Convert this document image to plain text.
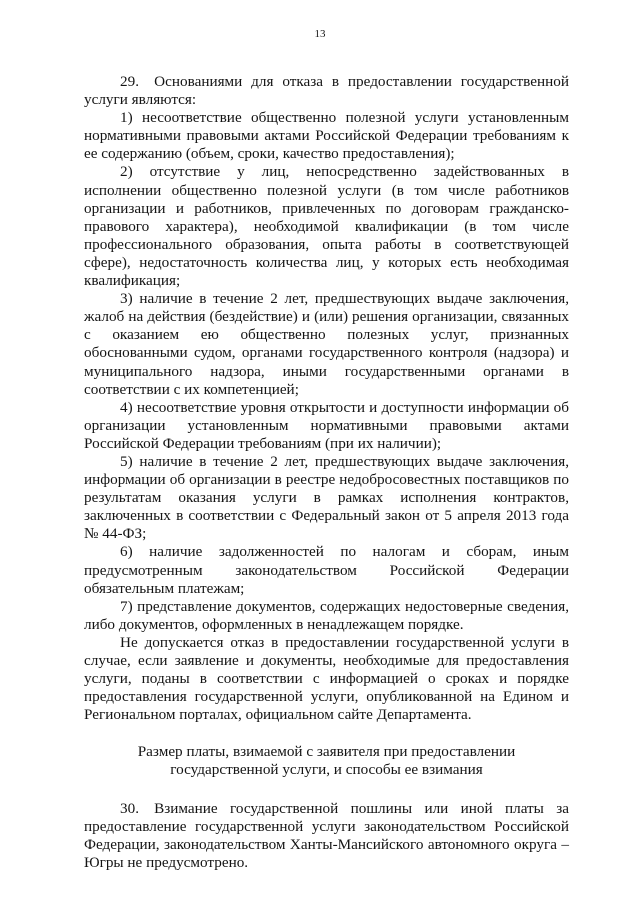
13

29. Основаниями для отказа в предоставлении государственной услуги являются:

1) несоответствие общественно полезной услуги установленным нормативными правовыми актами Российской Федерации требованиям к ее содержанию (объем, сроки, качество предоставления);

2) отсутствие у лиц, непосредственно задействованных в исполнении общественно полезной услуги (в том числе работников организации и работников, привлеченных по договорам гражданско-правового характера), необходимой квалификации (в том числе профессионального образования, опыта работы в соответствующей сфере), недостаточность количества лиц, у которых есть необходимая квалификация;

3) наличие в течение 2 лет, предшествующих выдаче заключения, жалоб на действия (бездействие) и (или) решения организации, связанных с оказанием ею общественно полезных услуг, признанных обоснованными судом, органами государственного контроля (надзора) и муниципального надзора, иными государственными органами в соответствии с их компетенцией;

4) несоответствие уровня открытости и доступности информации об организации установленным нормативными правовыми актами Российской Федерации требованиям (при их наличии);

5) наличие в течение 2 лет, предшествующих выдаче заключения, информации об организации в реестре недобросовестных поставщиков по результатам оказания услуги в рамках исполнения контрактов, заключенных в соответствии с Федеральный закон от 5 апреля 2013 года № 44-ФЗ;

6) наличие задолженностей по налогам и сборам, иным предусмотренным законодательством Российской Федерации обязательным платежам;

7) представление документов, содержащих недостоверные сведения, либо документов, оформленных в ненадлежащем порядке.

Не допускается отказ в предоставлении государственной услуги в случае, если заявление и документы, необходимые для предоставления услуги, поданы в соответствии с информацией о сроках и порядке предоставления государственной услуги, опубликованной на Едином и Региональном порталах, официальном сайте Департамента.

Размер платы, взимаемой с заявителя при предоставлении
государственной услуги, и способы ее взимания

30. Взимание государственной пошлины или иной платы за предоставление государственной услуги законодательством Российской Федерации, законодательством Ханты-Мансийского автономного округа – Югры не предусмотрено.
